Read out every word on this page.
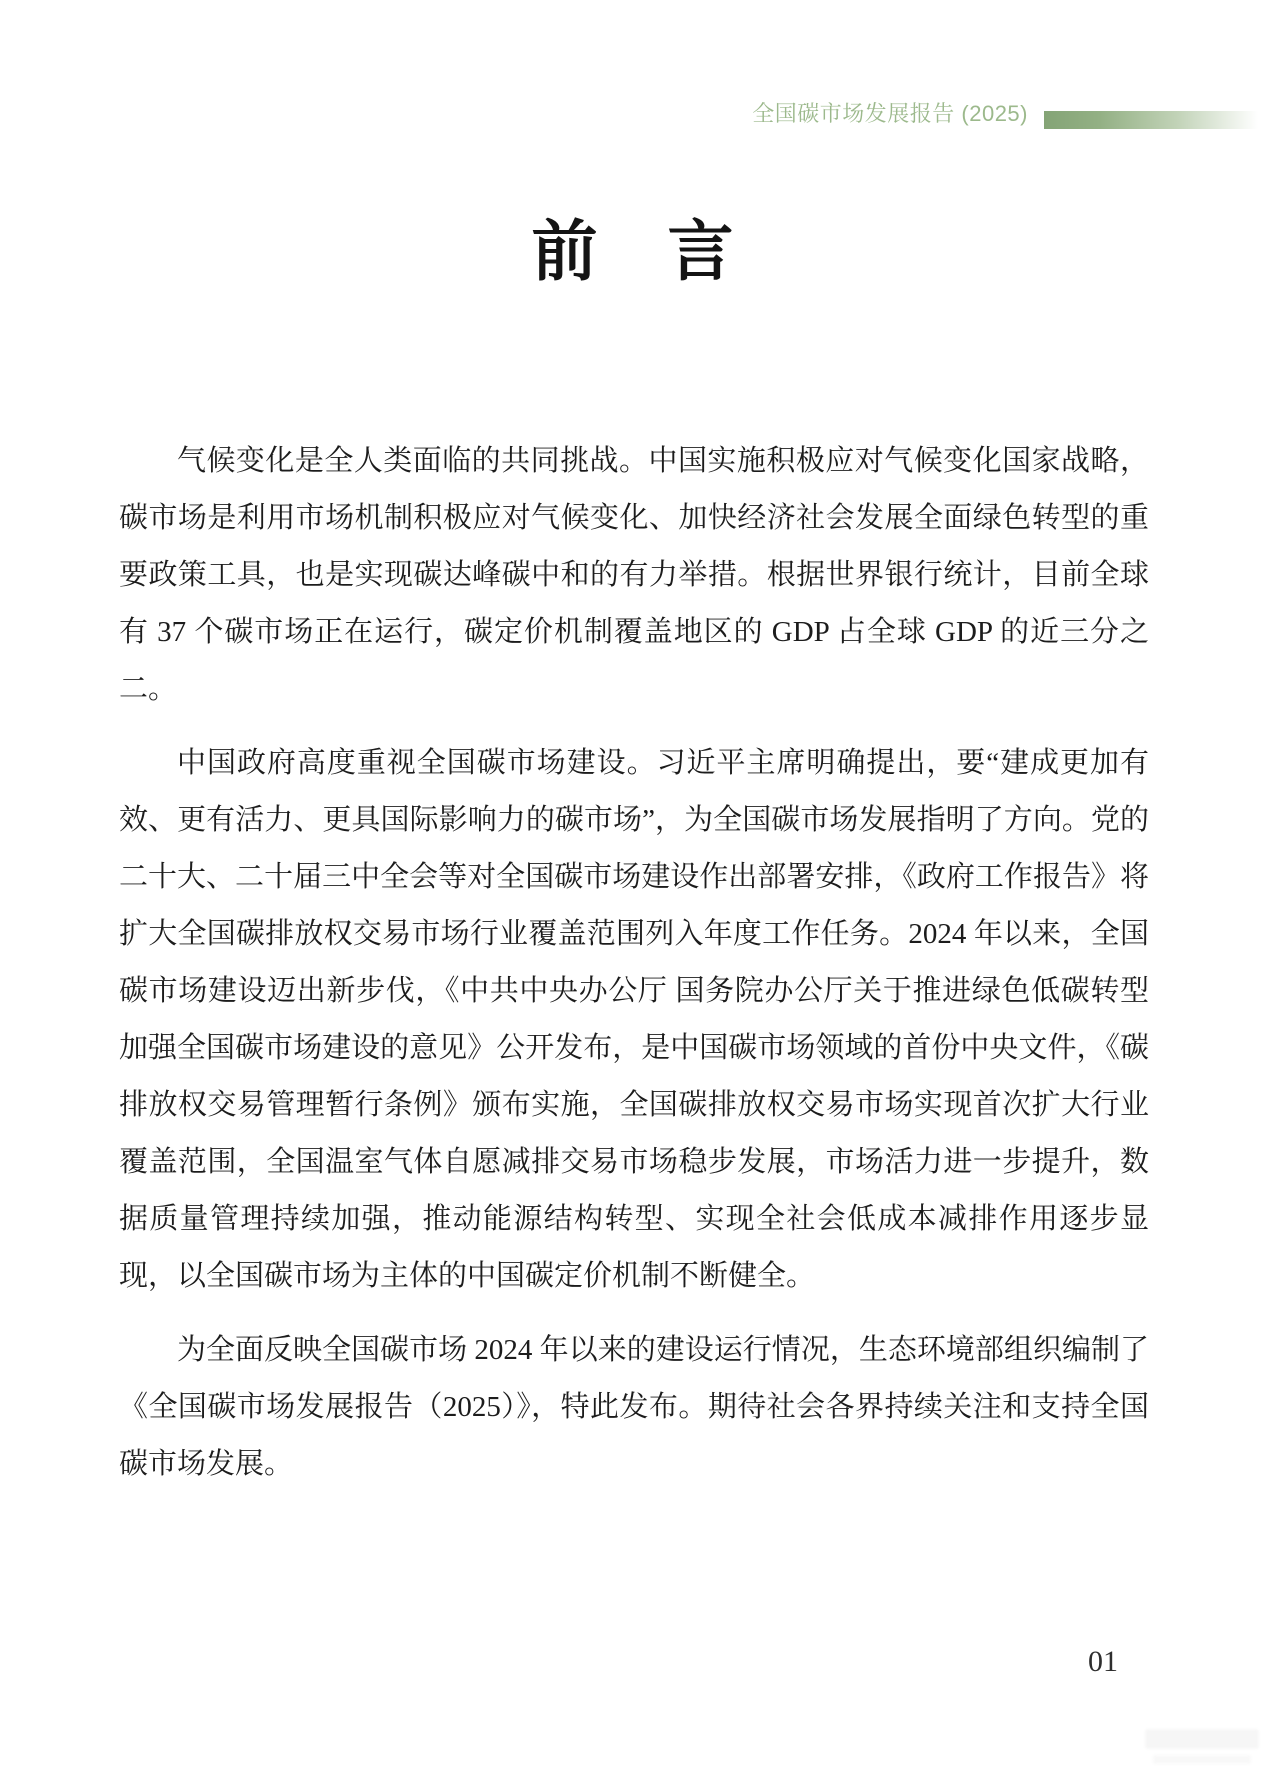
全国碳市场发展报告 (2025)
前　言

气候变化是全人类面临的共同挑战。中国实施积极应对气候变化国家战略，碳市场是利用市场机制积极应对气候变化、加快经济社会发展全面绿色转型的重要政策工具，也是实现碳达峰碳中和的有力举措。根据世界银行统计，目前全球有 37 个碳市场正在运行，碳定价机制覆盖地区的 GDP 占全球 GDP 的近三分之二。

中国政府高度重视全国碳市场建设。习近平主席明确提出，要“建成更加有效、更有活力、更具国际影响力的碳市场”，为全国碳市场发展指明了方向。党的二十大、二十届三中全会等对全国碳市场建设作出部署安排，《政府工作报告》将扩大全国碳排放权交易市场行业覆盖范围列入年度工作任务。2024 年以来，全国碳市场建设迈出新步伐，《中共中央办公厅 国务院办公厅关于推进绿色低碳转型 加强全国碳市场建设的意见》公开发布，是中国碳市场领域的首份中央文件，《碳排放权交易管理暂行条例》颁布实施，全国碳排放权交易市场实现首次扩大行业覆盖范围，全国温室气体自愿减排交易市场稳步发展，市场活力进一步提升，数据质量管理持续加强，推动能源结构转型、实现全社会低成本减排作用逐步显现，以全国碳市场为主体的中国碳定价机制不断健全。

为全面反映全国碳市场 2024 年以来的建设运行情况，生态环境部组织编制了《全国碳市场发展报告（2025）》，特此发布。期待社会各界持续关注和支持全国碳市场发展。

01
